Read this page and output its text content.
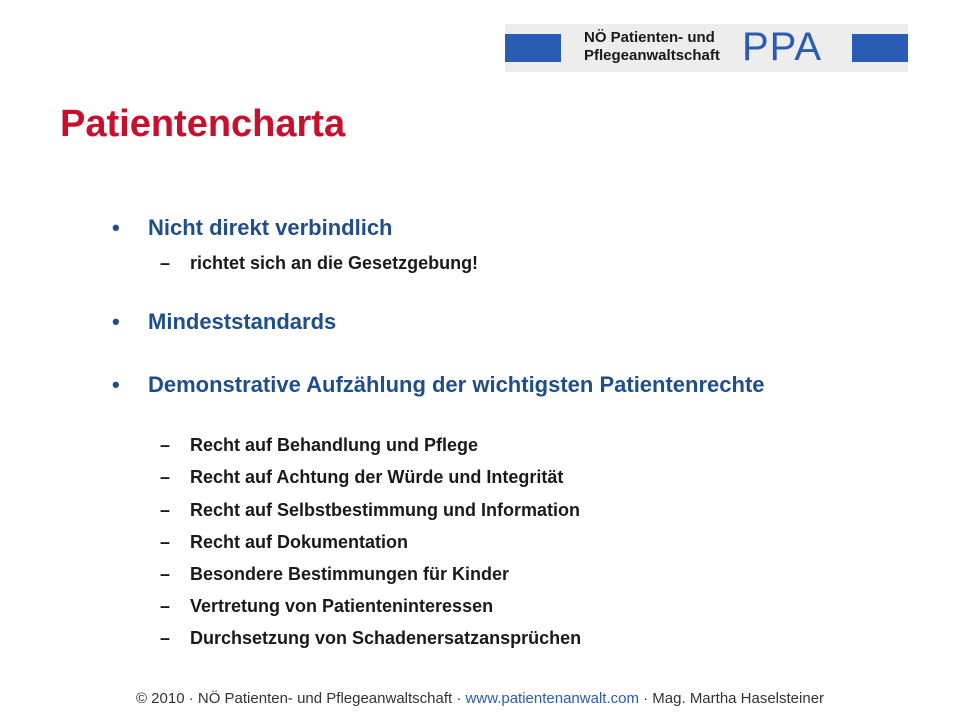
NÖ Patienten- und
Pflegeanwaltschaft PPA
Patientencharta
• Nicht direkt verbindlich
– richtet sich an die Gesetzgebung!
• Mindeststandards
• Demonstrative Aufzählung der wichtigsten Patientenrechte
– Recht auf Behandlung und Pflege
– Recht auf Achtung der Würde und Integrität
– Recht auf Selbstbestimmung und Information
– Recht auf Dokumentation
– Besondere Bestimmungen für Kinder
– Vertretung von Patienteninteressen
– Durchsetzung von Schadenersatzansprüchen
© 2010 · NÖ Patienten- und Pflegeanwaltschaft · www.patientenanwalt.com · Mag. Martha Haselsteiner
